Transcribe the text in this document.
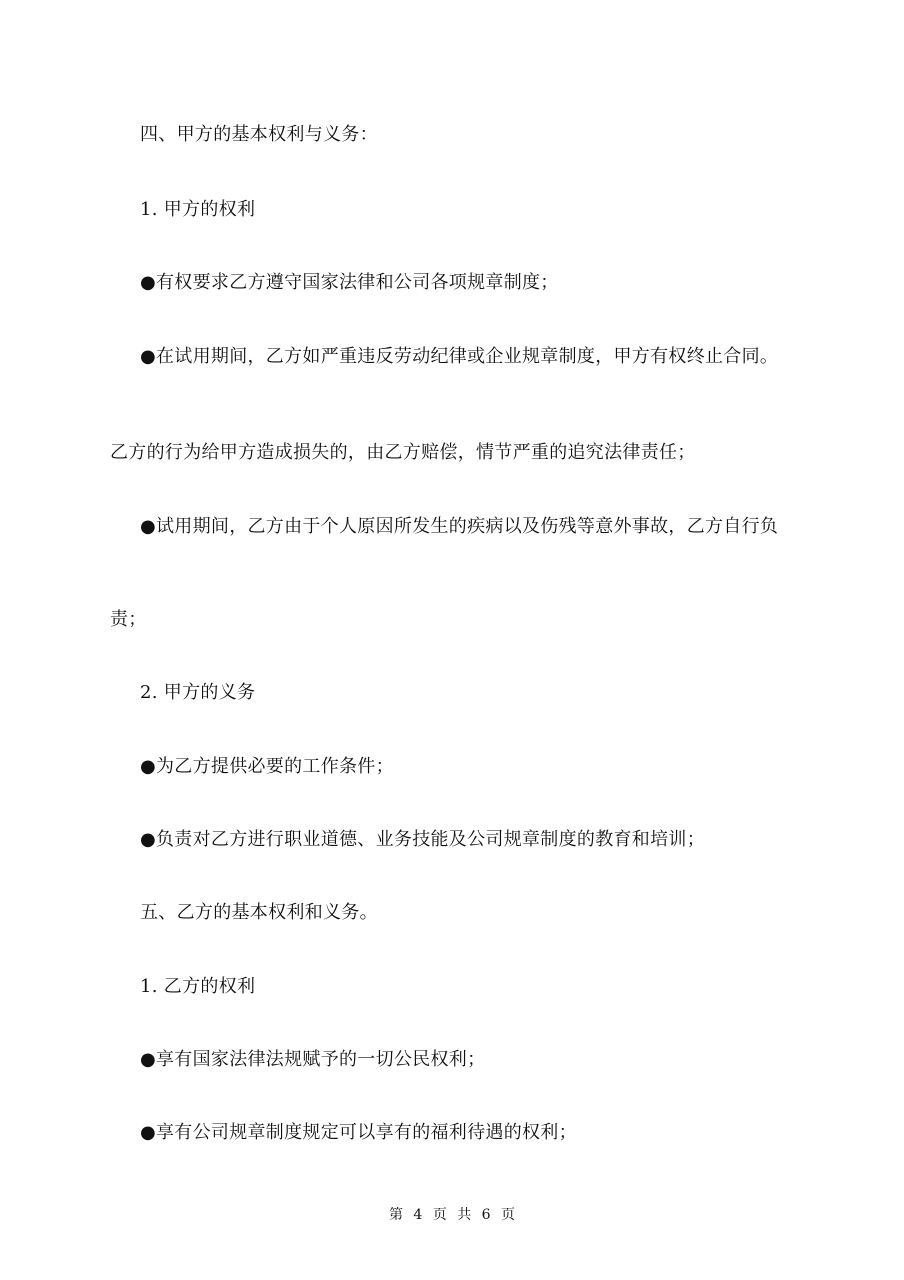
四、甲方的基本权利与义务：
1. 甲方的权利
●有权要求乙方遵守国家法律和公司各项规章制度；
●在试用期间，乙方如严重违反劳动纪律或企业规章制度，甲方有权终止合同。
乙方的行为给甲方造成损失的，由乙方赔偿，情节严重的追究法律责任；
●试用期间，乙方由于个人原因所发生的疾病以及伤残等意外事故，乙方自行负
责；
2. 甲方的义务
●为乙方提供必要的工作条件；
●负责对乙方进行职业道德、业务技能及公司规章制度的教育和培训；
五、乙方的基本权利和义务。
1. 乙方的权利
●享有国家法律法规赋予的一切公民权利；
●享有公司规章制度规定可以享有的福利待遇的权利；
第 4 页 共 6 页
